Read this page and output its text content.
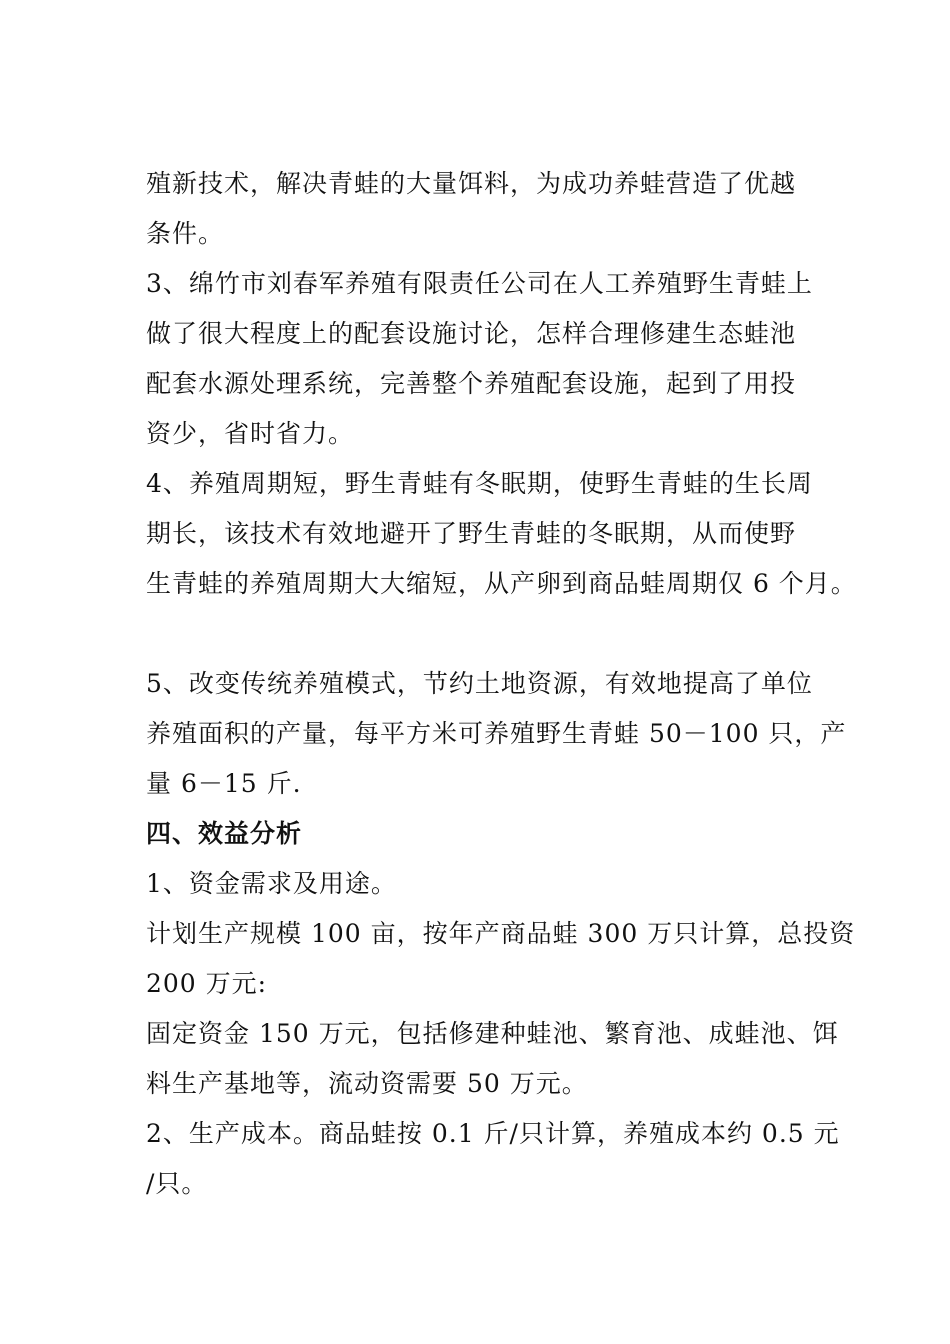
殖新技术，解决青蛙的大量饵料，为成功养蛙营造了优越
条件。
3、绵竹市刘春军养殖有限责任公司在人工养殖野生青蛙上
做了很大程度上的配套设施讨论，怎样合理修建生态蛙池
配套水源处理系统，完善整个养殖配套设施，起到了用投
资少，省时省力。
4、养殖周期短，野生青蛙有冬眠期，使野生青蛙的生长周
期长，该技术有效地避开了野生青蛙的冬眠期，从而使野
生青蛙的养殖周期大大缩短，从产卵到商品蛙周期仅 6 个月。
5、改变传统养殖模式，节约土地资源，有效地提高了单位
养殖面积的产量，每平方米可养殖野生青蛙 50－100 只，产
量 6－15 斤.
四、效益分析
1、资金需求及用途。
计划生产规模 100 亩，按年产商品蛙 300 万只计算，总投资
200 万元:
固定资金 150 万元，包括修建种蛙池、繁育池、成蛙池、饵
料生产基地等，流动资需要 50 万元。
2、生产成本。商品蛙按 0.1 斤/只计算，养殖成本约 0.5 元
/只。
